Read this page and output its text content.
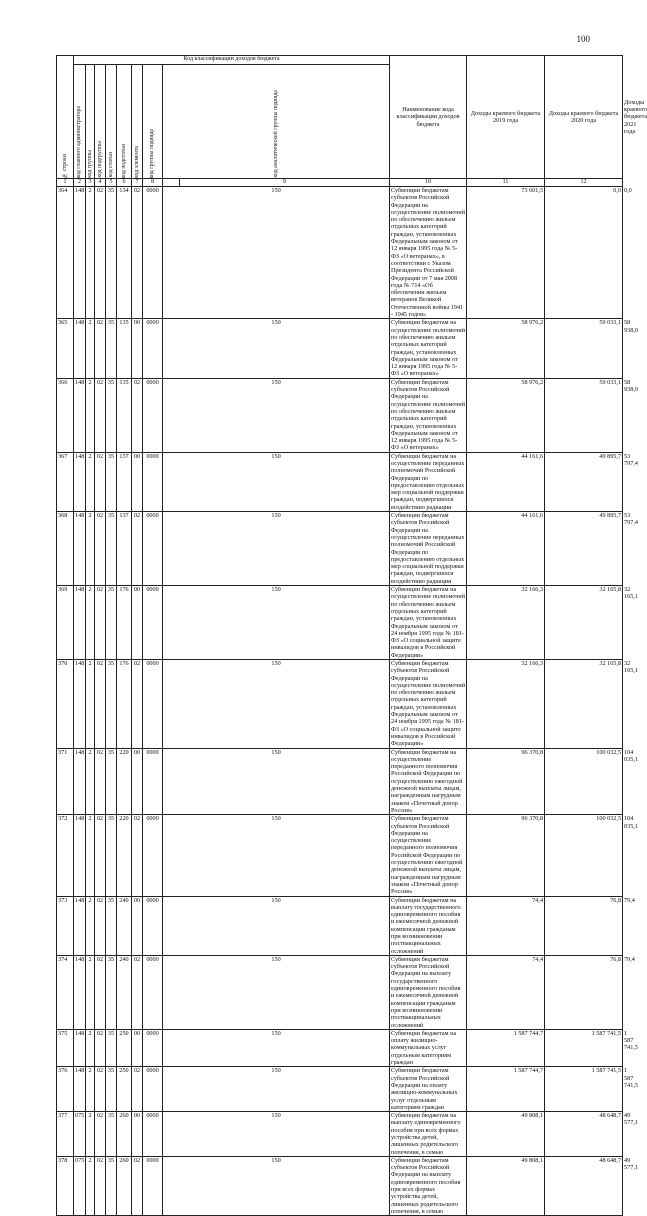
100
№ строки	Код классификации доходов бюджета									Наименование кода классификации доходов бюджета	Доходы краевого бюджета 2019 года	Доходы краевого бюджета 2020 года	Доходы краевого бюджета 2021 года

	код главного администратора	код группы	код подгруппы	код статьи	код подстатьи	код элемента	код группы подвида	код аналитической группы подвида					

1	2	3	4	5	6	7	8		9	10	11	12	
364	148	2	02	35	134	02	0000	150		Субвенции бюджетам субъектов Российской Федерации на осуществление полномочий по обеспечению жильем отдельных категорий граждан, установленных Федеральным законом от 12 января 1995 года № 5-ФЗ «О ветеранах», в соответствии с Указом Президента Российской Федерации от 7 мая 2008 года № 714 «Об обеспечении жильем ветеранов Великой Отечественной войны 1941 - 1945 годов»	73 601,5	0,0	0,0
365	148	2	02	35	135	00	0000	150		Субвенции бюджетам на осуществление полномочий по обеспечению жильем отдельных категорий граждан, установленных Федеральным законом от 12 января 1995 года № 5-ФЗ «О ветеранах»	58 976,2	59 033,1	58 938,0
366	148	2	02	35	135	02	0000	150		Субвенции бюджетам субъектов Российской Федерации на осуществление полномочий по обеспечению жильем отдельных категорий граждан, установленных Федеральным законом от 12 января 1995 года № 5-ФЗ «О ветеранах»	58 976,2	59 033,1	58 938,0
367	148	2	02	35	137	00	0000	150		Субвенции бюджетам на осуществление переданных полномочий Российской Федерации по предоставлению отдельных мер социальной поддержки граждан, подвергшихся воздействию радиации	44 161,6	49 895,7	53 797,4
368	148	2	02	35	137	02	0000	150		Субвенции бюджетам субъектов Российской Федерации на осуществление переданных полномочий Российской Федерации по предоставлению отдельных мер социальной поддержки граждан, подвергшихся воздействию радиации	44 161,6	49 895,7	53 797,4
369	148	2	02	35	176	00	0000	150		Субвенции бюджетам на осуществление полномочий по обеспечению жильем отдельных категорий граждан, установленных Федеральным законом от 24 ноября 1995 года № 181-ФЗ «О социальной защите инвалидов в Российской Федерации»	32 166,3	32 165,8	32 165,1
370	148	2	02	35	176	02	0000	150		Субвенции бюджетам субъектов Российской Федерации на осуществление полномочий по обеспечению жильем отдельных категорий граждан, установленных Федеральным законом от 24 ноября 1995 года № 181-ФЗ «О социальной защите инвалидов в Российской Федерации»	32 166,3	32 165,8	32 165,1
371	148	2	02	35	220	00	0000	150		Субвенции бюджетам на осуществление переданного полномочия Российской Федерации по осуществлению ежегодной денежной выплаты лицам, награжденным нагрудным знаком «Почетный донор России»	96 370,8	100 032,5	104 035,1
372	148	2	02	35	220	02	0000	150		Субвенции бюджетам субъектов Российской Федерации на осуществление переданного полномочия Российской Федерации по осуществлению ежегодной денежной выплаты лицам, награжденным нагрудным знаком «Почетный донор России»	96 370,8	100 032,5	104 035,1
373	148	2	02	35	240	00	0000	150		Субвенции бюджетам на выплату государственного единовременного пособия и ежемесячной денежной компенсации гражданам при возникновении поствакцинальных осложнений	74,4	76,8	79,4
374	148	2	02	35	240	02	0000	150		Субвенции бюджетам субъектов Российской Федерации на выплату государственного единовременного пособия и ежемесячной денежной компенсации гражданам при возникновении поствакцинальных осложнений	74,4	76,8	79,4
375	148	2	02	35	250	00	0000	150		Субвенции бюджетам на оплату жилищно-коммунальных услуг отдельным категориям граждан	1 587 744,7	1 587 741,5	1 587 741,5
376	148	2	02	35	250	02	0000	150		Субвенции бюджетам субъектов Российской Федерации на оплату жилищно-коммунальных услуг отдельным категориям граждан	1 587 744,7	1 587 741,5	1 587 741,5
377	075	2	02	35	260	00	0000	150		Субвенции бюджетам на выплату единовременного пособия при всех формах устройства детей, лишенных родительского попечения, в семью	49 808,1	48 648,7	49 577,1
378	075	2	02	35	260	02	0000	150		Субвенции бюджетам субъектов Российской Федерации на выплату единовременного пособия при всех формах устройства детей, лишенных родительского попечения, в семью	49 808,1	48 648,7	49 577,1
